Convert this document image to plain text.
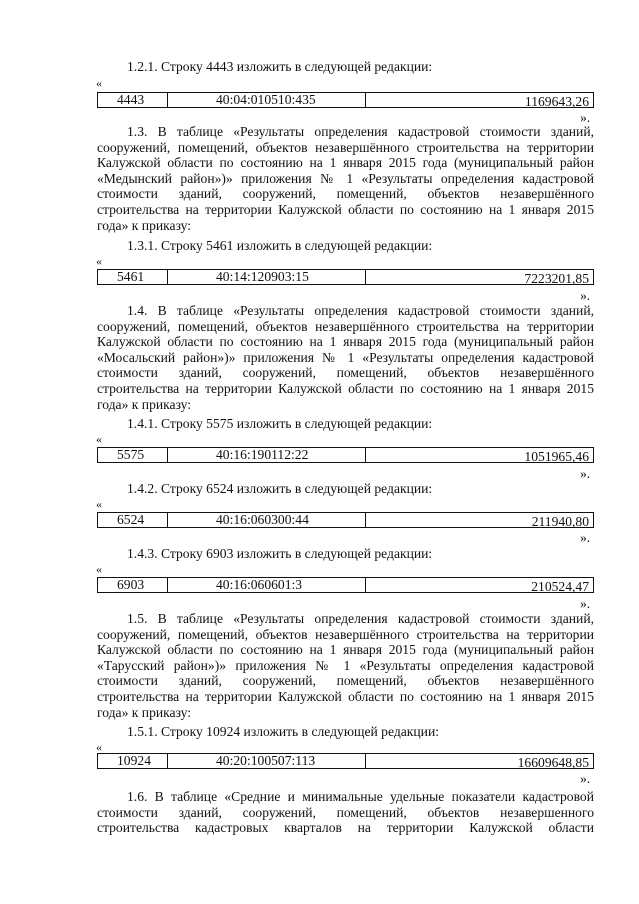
1.2.1. Строку 4443 изложить в следующей редакции:
«
4443	40:04:010510:435	1169643,26
».
1.3. В таблице «Результаты определения кадастровой стоимости зданий,
сооружений, помещений, объектов незавершённого строительства на территории
Калужской области по состоянию на 1 января 2015 года (муниципальный район
«Медынский район»)» приложения № 1 «Результаты определения кадастровой
стоимости зданий, сооружений, помещений, объектов незавершённого
строительства на территории Калужской области по состоянию на 1 января 2015
года» к приказу:
1.3.1. Строку 5461 изложить в следующей редакции:
«
5461	40:14:120903:15	7223201,85
».
1.4. В таблице «Результаты определения кадастровой стоимости зданий,
сооружений, помещений, объектов незавершённого строительства на территории
Калужской области по состоянию на 1 января 2015 года (муниципальный район
«Мосальский район»)» приложения № 1 «Результаты определения кадастровой
стоимости зданий, сооружений, помещений, объектов незавершённого
строительства на территории Калужской области по состоянию на 1 января 2015
года» к приказу:
1.4.1. Строку 5575 изложить в следующей редакции:
«
5575	40:16:190112:22	1051965,46
».
1.4.2. Строку 6524 изложить в следующей редакции:
«
6524	40:16:060300:44	211940,80
».
1.4.3. Строку 6903 изложить в следующей редакции:
«
6903	40:16:060601:3	210524,47
».
1.5. В таблице «Результаты определения кадастровой стоимости зданий,
сооружений, помещений, объектов незавершённого строительства на территории
Калужской области по состоянию на 1 января 2015 года (муниципальный район
«Тарусский район»)» приложения № 1 «Результаты определения кадастровой
стоимости зданий, сооружений, помещений, объектов незавершённого
строительства на территории Калужской области по состоянию на 1 января 2015
года» к приказу:
1.5.1. Строку 10924 изложить в следующей редакции:
«
10924	40:20:100507:113	16609648,85
».
1.6. В таблице «Средние и минимальные удельные показатели кадастровой
стоимости зданий, сооружений, помещений, объектов незавершенного
строительства кадастровых кварталов на территории Калужской области
